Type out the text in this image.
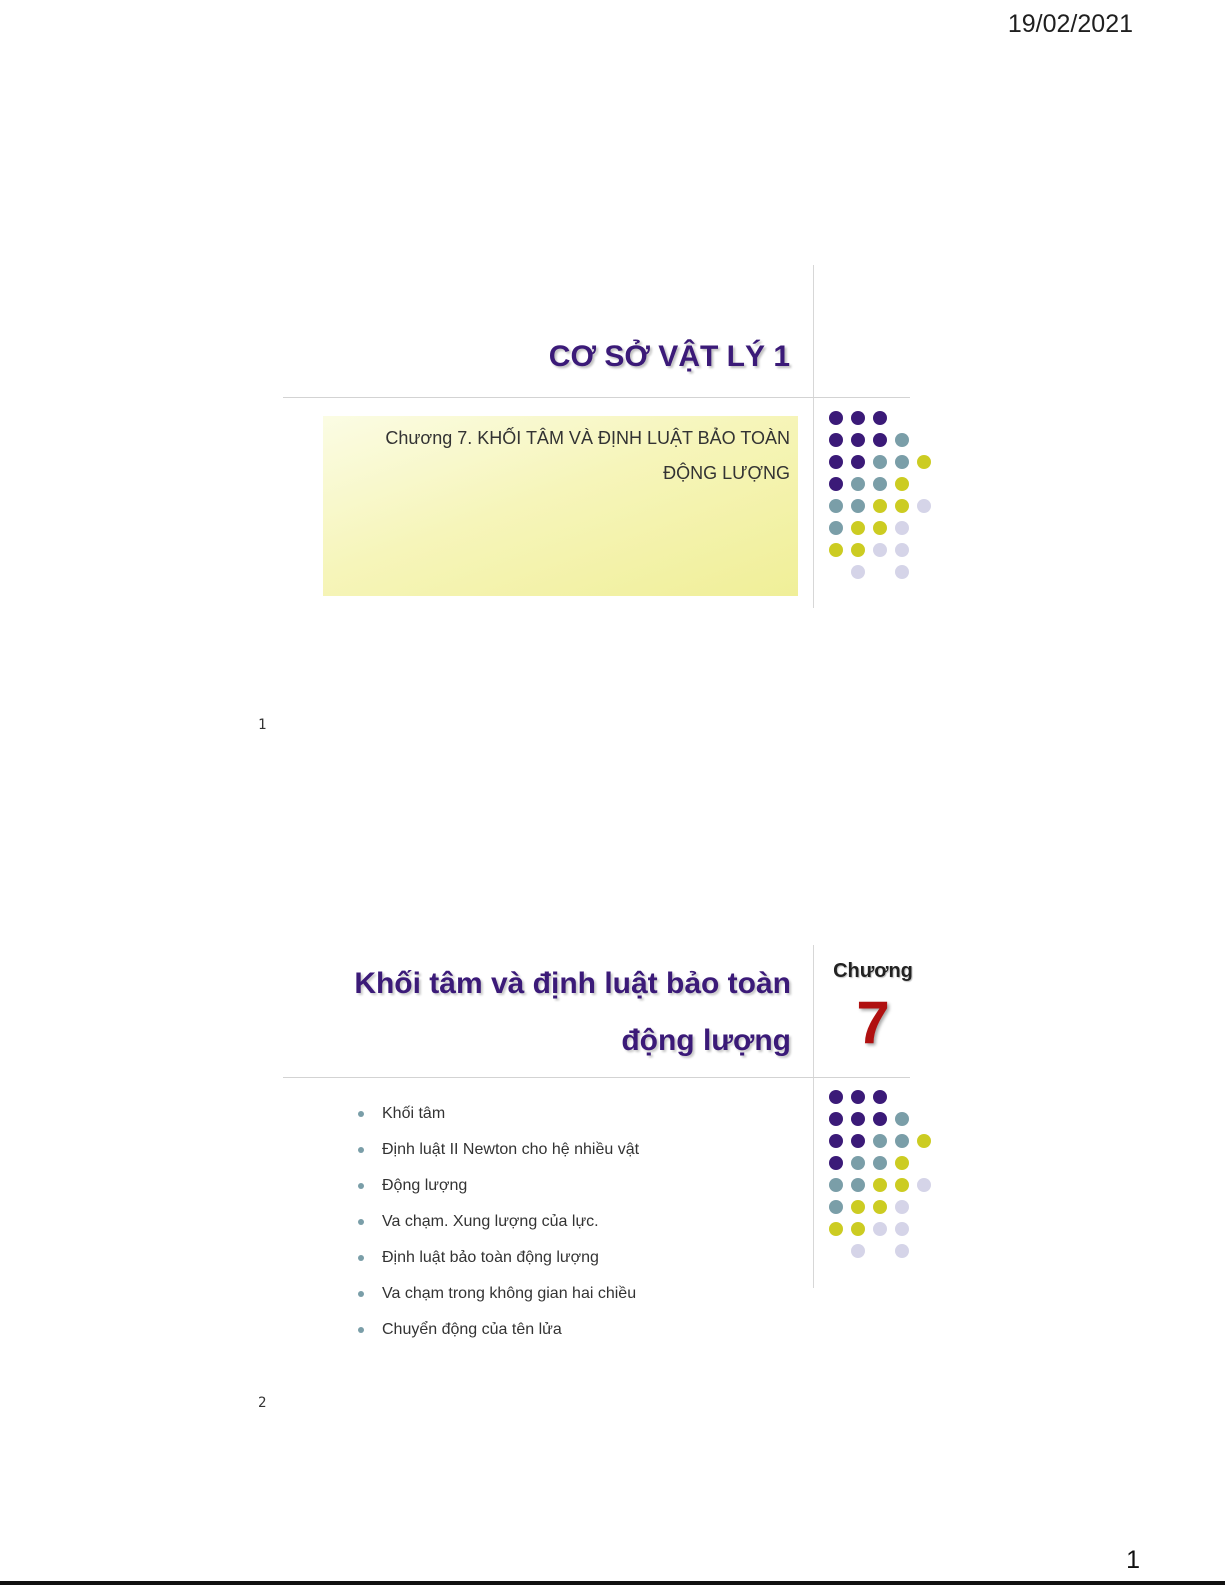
19/02/2021
CƠ SỞ VẬT LÝ 1
Chương 7. KHỐI TÂM VÀ ĐỊNH LUẬT BẢO TOÀN
ĐỘNG LƯỢNG
1
Khối tâm và định luật bảo toàn
động lượng
Chương
7
Khối tâm
Định luật II Newton cho hệ nhiều vật
Động lượng
Va chạm. Xung lượng của lực.
Định luật bảo toàn động lượng
Va chạm trong không gian hai chiều
Chuyển động của tên lửa
2
1
